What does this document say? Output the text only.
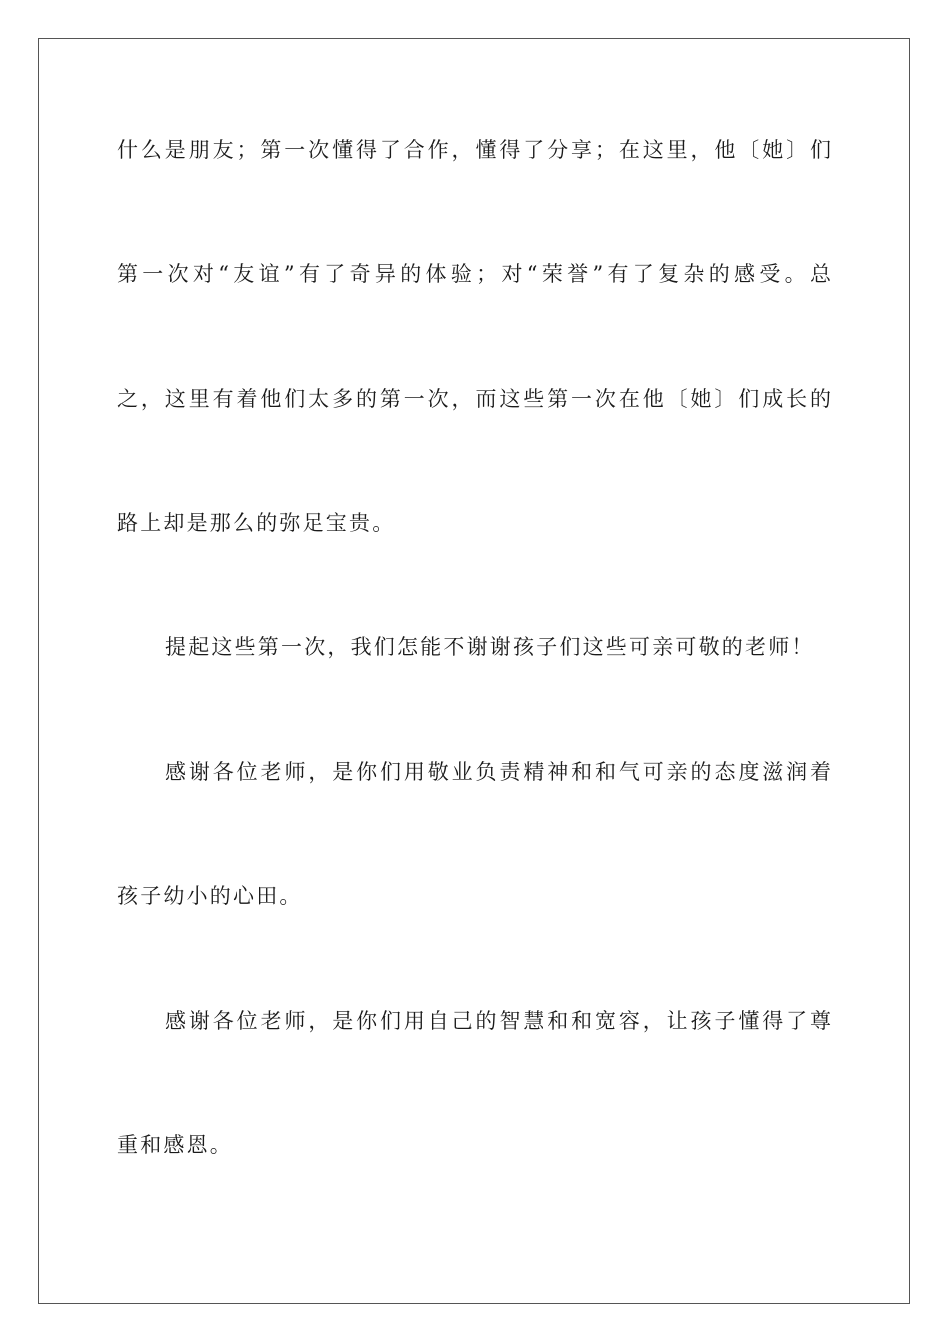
什么是朋友；第一次懂得了合作，懂得了分享；在这里，他〔她〕们
第一次对“友谊”有了奇异的体验；对“荣誉”有了复杂的感受。总
之，这里有着他们太多的第一次，而这些第一次在他〔她〕们成长的
路上却是那么的弥足宝贵。
提起这些第一次，我们怎能不谢谢孩子们这些可亲可敬的老师！
感谢各位老师，是你们用敬业负责精神和和气可亲的态度滋润着
孩子幼小的心田。
感谢各位老师，是你们用自己的智慧和和宽容，让孩子懂得了尊
重和感恩。
